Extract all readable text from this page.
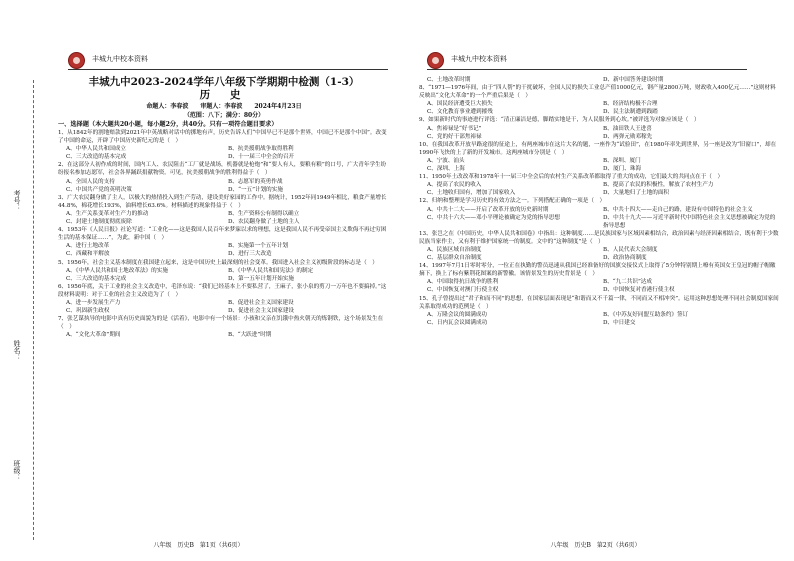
丰城九中校本资料
考号：
姓名：
班级：
丰城九中2023-2024学年八年级下学期期中检测（1-3）
历 史
命题人：李春波　　审题人：李春波　　2024年4月23日
（范围：八下；满分：80分）
一、选择题（本大题共20小题，每小题2分，共40分。只有一项符合题目要求）

1、从1842年的割地赔款到2021年中英战略对话中的掷地有声，历史告诉人们“中国早已不是那个世界，中国已不是那个中国”。改变了中国的命运，开辟了中国历史新纪元的是（　）

A、中华人民共和国成立	B、抗美援朝战争取得胜利
C、三大改造的基本完成	D、十一届三中全会的召开

2、在这部分人初作成的时间，国内工人、农民阻击“工厂就是战场，机器就是枪炮”和“要人有人，要粮有粮”的口号，广大青年学生纷纷报名参加志愿军，社会各界踊跃捐献物资。可见，抗美援朝战争的胜利得益于（　）

A、全国人民的支持	B、志愿军的英勇作战
C、中国共产党的英明决策	D、“一五”计划的实施

3、广大农民翻身做了主人，以极大的热情投入到生产劳动，建设美好家园的工作中。据统计，1952年同1949年相比，粮食产量增长44.8%，棉花增长193%，油料增长63.6%。材料描述的现象得益于（　）

A、生产关系变革对生产力的推动	B、生产资料公有制得以确立
C、封建土地制度彻底废除	D、农民翻身做了土地的主人

4、1953年《人民日报》社论写道：“工业化——这是我国人民百年来梦寐以求的理想，这是我国人民不再受帝国主义欺侮不再过穷困生活的基本保证……”，为此，新中国（　）

A、进行土地改革	B、实施第一个五年计划
C、西藏和平解放	D、进行三大改造

5、1956年，社会主义基本制度在我国建立起来，这是中国历史上最深刻的社会变革。我国进入社会主义初级阶段的标志是（　）

A、《中华人民共和国土地改革法》的实施	B、《中华人民共和国宪法》的制定
C、三大改造的基本完成	D、第一五年计划开始实施

6、1956年底，关于工业的社会主义改造中，毛泽东说：“我们已经基本上不要私营了，王麻子，张小泉的剪刀一万年也不要搞掉。”这段材料说明：对于工业的社会主义改造为了（　）

A、进一步发展生产力	B、促进社会主义国家建设
C、巩固新生政权	D、促进社会主义国家建设

7、张艺谋执导的电影中真有历史面貌为的是《活着》，电影中有一个场景：小孩和父亲在饥饿中热火朝天的炼钢铁，这个场景发生在（　）

A、“文化大革命”期间	B、“大跃进”时期
八年级　历史B　第1页（共6页）
丰城九中校本资料
C、土地改革时期	D、新中国答务建设时期

8、“1971—1976年间，由于“四人帮”的干扰破坏，全国人民的损失工业总产值1000亿元，钢产量2800万吨，财政收入400亿元……”这则材料反映出“文化大革命”的一个严重后果是（　）

A、国民经济遭受巨大损失	B、经济结构极不合理
C、文化教育事业遭到摧残	D、民主法制遭到践踏

9、如果新时代的事迹进行评选：“清正廉洁是德，脚踏实地是干，为人民服务到心坎。”被评选为对象应该是（　）

A、焦裕禄是“好书记”	B、油田铁人王进喜
C、党的好干部焦裕禄	D、两弹元勋邓稼先

10、在我国改革开放早路途很的征途上，有两座城市在这片大名的题，一座作为“试验田”，在1980年率先到世界，另一座是改为“旧窗口”，却在1990年飞快的上了新的开发城市。这两座城市分别是（　）

A、宁波、汕头	B、深圳、厦门
C、深圳、上海	D、厦门、珠海

11、1950年土改改革和1978年十一届三中全会后的农村生产关系改革都取得了重大的成功，它们最大的共同点在于（　）

A、提高了农民的收入	B、提高了农民的积极性，解放了农村生产力
C、土地收归国有，增加了国家收入	D、大量地归了土地的面积

12、归纳和整理是学习历史的有效方法之一。下列搭配正确的一项是（　）

A、中共十二大——开启了改革开放的历史新时期	B、中共十四大——走自己的路，建设有中国特色的社会主义
C、中共十六大——邓小平理论被确定为党的指导思想	D、中共十九大——习近平新时代中国特色社会主义思想被确定为党的指导思想

13、张岂之在《中国历史，中华人民共和国卷》中指出：这种制度……是民族国家与区域因素相结合，政治因素与经济因素相结合，既有利于少数民族当家作主，又有利于维护国家统一的制度。文中的“这种制度”是（　）

A、民族区域自治制度	B、人民代表大会制度
C、基层群众自治制度	D、政治协商制度

14、1997年7月1日零时零分，一位正在执勤的警员迅速从我国已经准备好的国旗交接仪式上取得了5分钟特别期上嘹有英国女王皇冠的帽子帽徽摘下，换上了标有紫荆花图案的新警徽。该情景发生的历史背景是（　）

A、中国取得抗日战争的胜利	B、“九二共识”达成
C、中国恢复对澳门行使主权	D、中国恢复对香港行使主权

15、孔子曾提出过“君子和而不同”的思想，在国家层面表现是“和谐而又不千篇一律，不同而又不相冲突”。运用这种思想处理不同社会制度国家间关系取得成功的范例是（　）

A、万隆会议的圆满成功	B、《中苏友好同盟互助条约》签订
C、日内瓦会议圆满成功	D、中日建交
八年级　历史B　第2页（共6页）
